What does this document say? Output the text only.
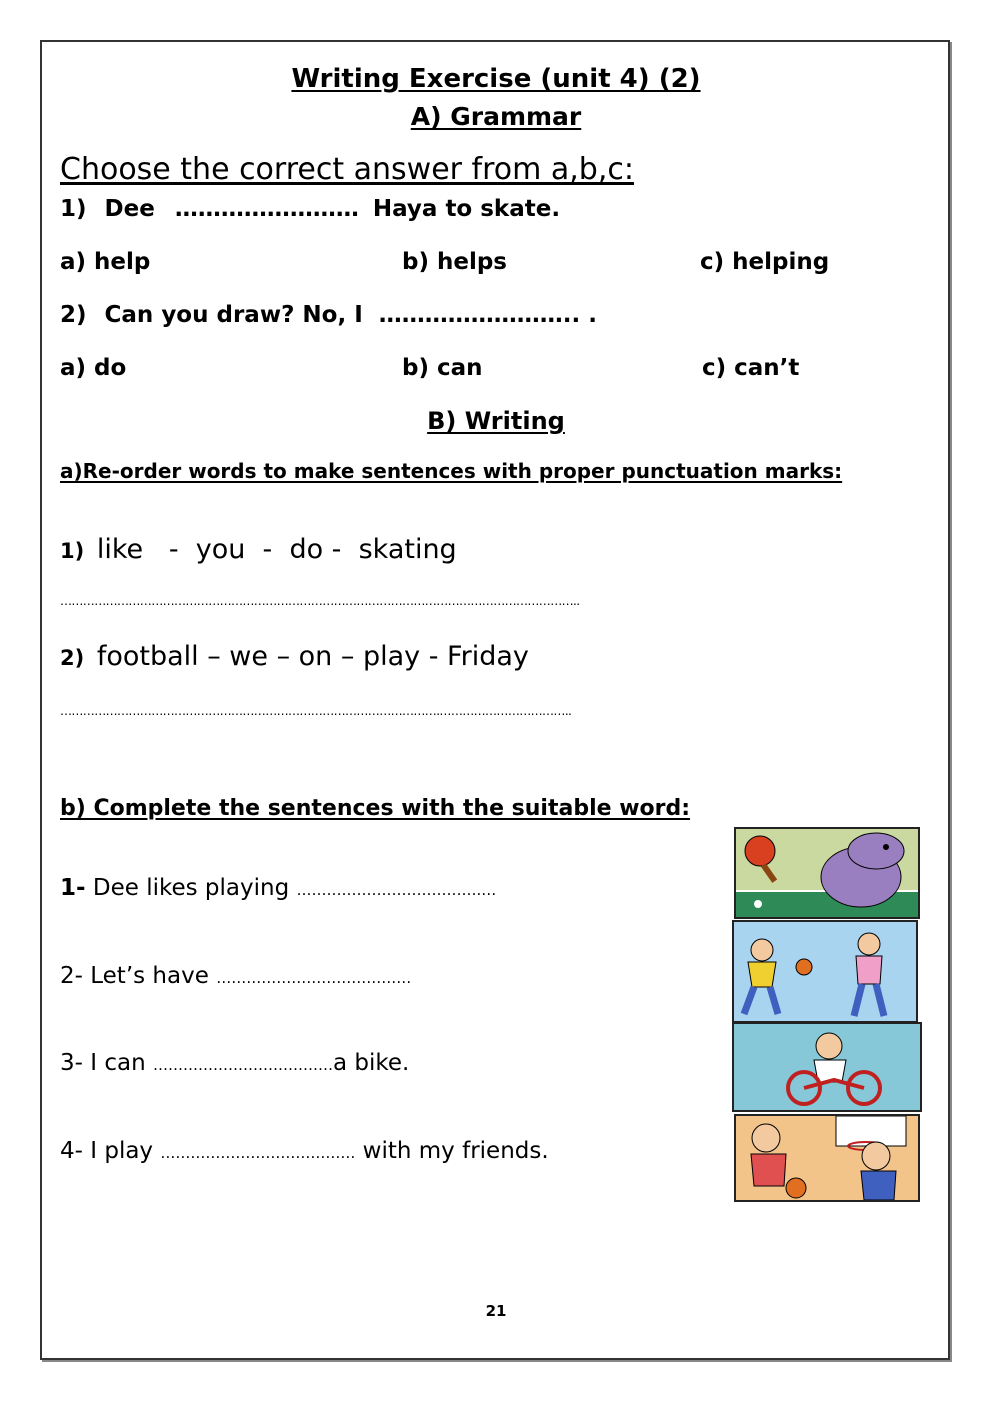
Writing Exercise (unit 4) (2)
A) Grammar
Choose the correct answer from a,b,c:
1) Dee …………………… Haya to skate.
a) help	b) helps	c) helping
2) Can you draw? No, I …………………….. .
a) do	b) can	c) can’t
B) Writing
a)Re-order words to make sentences with proper punctuation marks:
1) like   -  you  -  do -  skating
………………………………………………………………………………………………………………………..
2) football – we – on – play - Friday
……………………………………………………………………………………….……………………………..
b) Complete the sentences with the suitable word:
1- Dee likes playing ……………………………….…
2- Let’s have …………………………………
3- I can ………………………………a bike.
4- I play ………………………………… with my friends.
21
